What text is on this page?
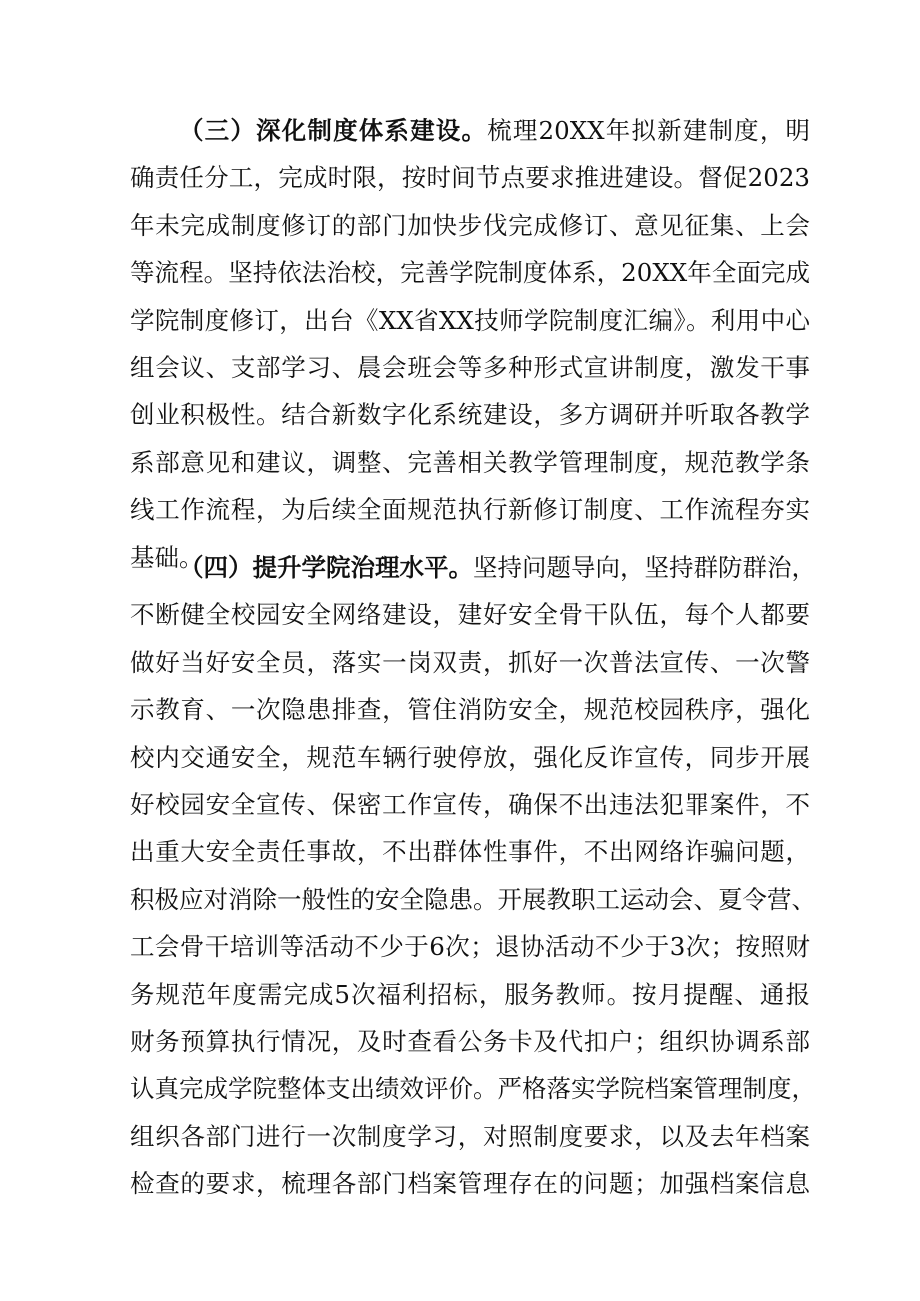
（三）深化制度体系建设。梳理20XX年拟新建制度，明
确责任分工，完成时限，按时间节点要求推进建设。督促2023
年未完成制度修订的部门加快步伐完成修订、意见征集、上会
等流程。坚持依法治校，完善学院制度体系，20XX年全面完成
学院制度修订，出台《XX省XX技师学院制度汇编》。利用中心
组会议、支部学习、晨会班会等多种形式宣讲制度，激发干事
创业积极性。结合新数字化系统建设，多方调研并听取各教学
系部意见和建议，调整、完善相关教学管理制度，规范教学条
线工作流程，为后续全面规范执行新修订制度、工作流程夯实
基础。
（四）提升学院治理水平。坚持问题导向，坚持群防群治，
不断健全校园安全网络建设，建好安全骨干队伍，每个人都要
做好当好安全员，落实一岗双责，抓好一次普法宣传、一次警
示教育、一次隐患排查，管住消防安全，规范校园秩序，强化
校内交通安全，规范车辆行驶停放，强化反诈宣传，同步开展
好校园安全宣传、保密工作宣传，确保不出违法犯罪案件，不
出重大安全责任事故，不出群体性事件，不出网络诈骗问题，
积极应对消除一般性的安全隐患。开展教职工运动会、夏令营、
工会骨干培训等活动不少于6次；退协活动不少于3次；按照财
务规范年度需完成5次福利招标，服务教师。按月提醒、通报
财务预算执行情况，及时查看公务卡及代扣户；组织协调系部
认真完成学院整体支出绩效评价。严格落实学院档案管理制度，
组织各部门进行一次制度学习，对照制度要求，以及去年档案
检查的要求，梳理各部门档案管理存在的问题；加强档案信息
